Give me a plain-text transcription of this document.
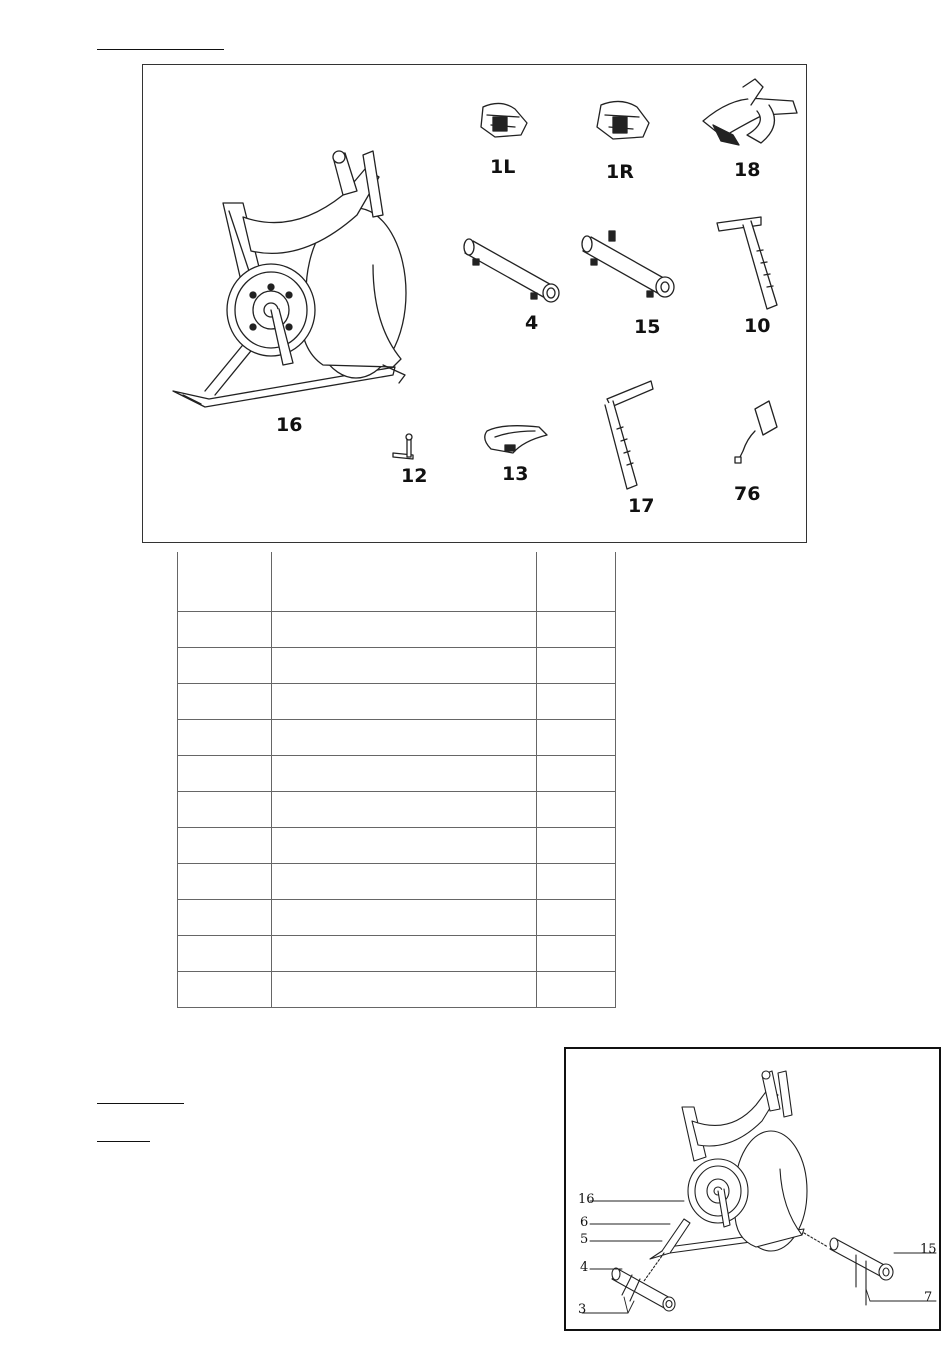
1L	1R	18
4	15	10
16
12	13
17
76

16
6
5
4
3
15
7
